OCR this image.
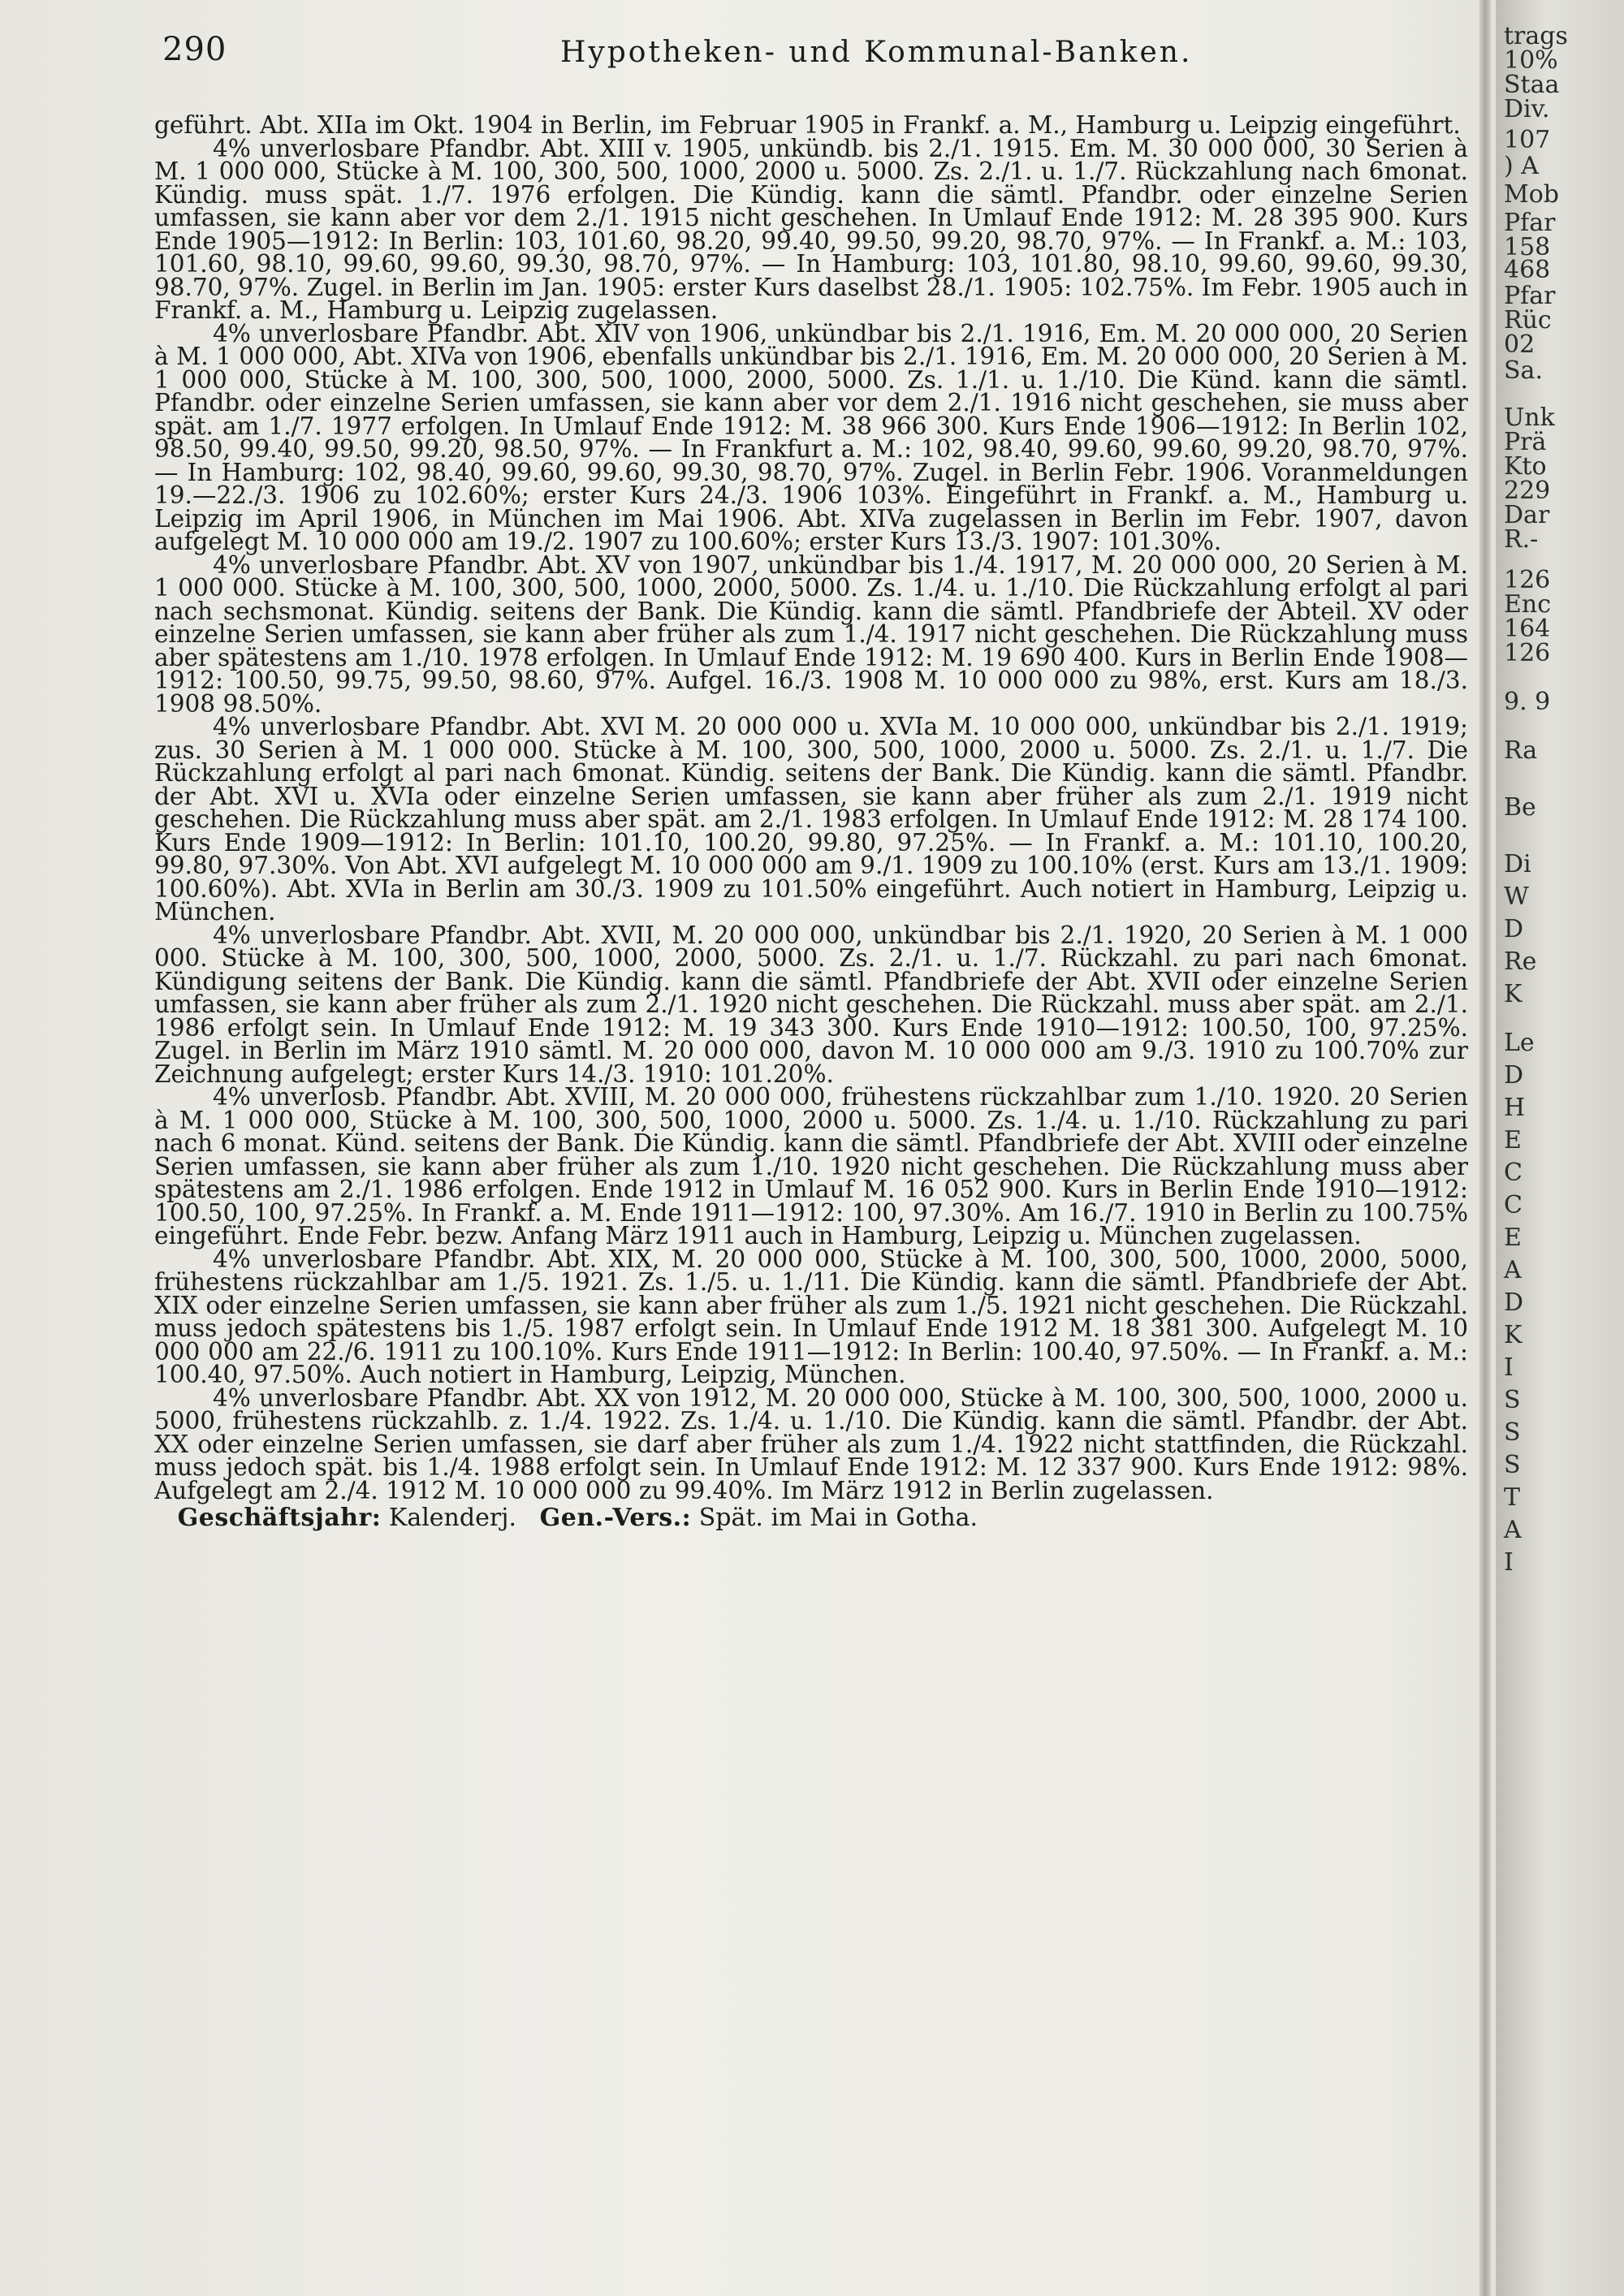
290	Hypotheken- und Kommunal-Banken.

geführt. Abt. XIIa im Okt. 1904 in Berlin, im Februar 1905 in Frankf. a. M., Hamburg u. Leipzig eingeführt.

4% unverlosbare Pfandbr. Abt. XIII v. 1905, unkündb. bis 2./1. 1915. Em. M. 30 000 000, 30 Serien à M. 1 000 000, Stücke à M. 100, 300, 500, 1000, 2000 u. 5000. Zs. 2./1. u. 1./7. Rückzahlung nach 6monat. Kündig. muss spät. 1./7. 1976 erfolgen. Die Kündig. kann die sämtl. Pfandbr. oder einzelne Serien umfassen, sie kann aber vor dem 2./1. 1915 nicht geschehen. In Umlauf Ende 1912: M. 28 395 900. Kurs Ende 1905—1912: In Berlin: 103, 101.60, 98.20, 99.40, 99.50, 99.20, 98.70, 97%. — In Frankf. a. M.: 103, 101.60, 98.10, 99.60, 99.60, 99.30, 98.70, 97%. — In Hamburg: 103, 101.80, 98.10, 99.60, 99.60, 99.30, 98.70, 97%. Zugel. in Berlin im Jan. 1905: erster Kurs daselbst 28./1. 1905: 102.75%. Im Febr. 1905 auch in Frankf. a. M., Hamburg u. Leipzig zugelassen.

4% unverlosbare Pfandbr. Abt. XIV von 1906, unkündbar bis 2./1. 1916, Em. M. 20 000 000, 20 Serien à M. 1 000 000, Abt. XIVa von 1906, ebenfalls unkündbar bis 2./1. 1916, Em. M. 20 000 000, 20 Serien à M. 1 000 000, Stücke à M. 100, 300, 500, 1000, 2000, 5000. Zs. 1./1. u. 1./10. Die Künd. kann die sämtl. Pfandbr. oder einzelne Serien umfassen, sie kann aber vor dem 2./1. 1916 nicht geschehen, sie muss aber spät. am 1./7. 1977 erfolgen. In Umlauf Ende 1912: M. 38 966 300. Kurs Ende 1906—1912: In Berlin 102, 98.50, 99.40, 99.50, 99.20, 98.50, 97%. — In Frankfurt a. M.: 102, 98.40, 99.60, 99.60, 99.20, 98.70, 97%. — In Hamburg: 102, 98.40, 99.60, 99.60, 99.30, 98.70, 97%. Zugel. in Berlin Febr. 1906. Voranmeldungen 19.—22./3. 1906 zu 102.60%; erster Kurs 24./3. 1906 103%. Eingeführt in Frankf. a. M., Hamburg u. Leipzig im April 1906, in München im Mai 1906. Abt. XIVa zugelassen in Berlin im Febr. 1907, davon aufgelegt M. 10 000 000 am 19./2. 1907 zu 100.60%; erster Kurs 13./3. 1907: 101.30%.

4% unverlosbare Pfandbr. Abt. XV von 1907, unkündbar bis 1./4. 1917, M. 20 000 000, 20 Serien à M. 1 000 000. Stücke à M. 100, 300, 500, 1000, 2000, 5000. Zs. 1./4. u. 1./10. Die Rückzahlung erfolgt al pari nach sechsmonat. Kündig. seitens der Bank. Die Kündig. kann die sämtl. Pfandbriefe der Abteil. XV oder einzelne Serien umfassen, sie kann aber früher als zum 1./4. 1917 nicht geschehen. Die Rückzahlung muss aber spätestens am 1./10. 1978 erfolgen. In Umlauf Ende 1912: M. 19 690 400. Kurs in Berlin Ende 1908—1912: 100.50, 99.75, 99.50, 98.60, 97%. Aufgel. 16./3. 1908 M. 10 000 000 zu 98%, erst. Kurs am 18./3. 1908 98.50%.

4% unverlosbare Pfandbr. Abt. XVI M. 20 000 000 u. XVIa M. 10 000 000, unkündbar bis 2./1. 1919; zus. 30 Serien à M. 1 000 000. Stücke à M. 100, 300, 500, 1000, 2000 u. 5000. Zs. 2./1. u. 1./7. Die Rückzahlung erfolgt al pari nach 6monat. Kündig. seitens der Bank. Die Kündig. kann die sämtl. Pfandbr. der Abt. XVI u. XVIa oder einzelne Serien umfassen, sie kann aber früher als zum 2./1. 1919 nicht geschehen. Die Rückzahlung muss aber spät. am 2./1. 1983 erfolgen. In Umlauf Ende 1912: M. 28 174 100. Kurs Ende 1909—1912: In Berlin: 101.10, 100.20, 99.80, 97.25%. — In Frankf. a. M.: 101.10, 100.20, 99.80, 97.30%. Von Abt. XVI aufgelegt M. 10 000 000 am 9./1. 1909 zu 100.10% (erst. Kurs am 13./1. 1909: 100.60%). Abt. XVIa in Berlin am 30./3. 1909 zu 101.50% eingeführt. Auch notiert in Hamburg, Leipzig u. München.

4% unverlosbare Pfandbr. Abt. XVII, M. 20 000 000, unkündbar bis 2./1. 1920, 20 Serien à M. 1 000 000. Stücke à M. 100, 300, 500, 1000, 2000, 5000. Zs. 2./1. u. 1./7. Rückzahl. zu pari nach 6monat. Kündigung seitens der Bank. Die Kündig. kann die sämtl. Pfandbriefe der Abt. XVII oder einzelne Serien umfassen, sie kann aber früher als zum 2./1. 1920 nicht geschehen. Die Rückzahl. muss aber spät. am 2./1. 1986 erfolgt sein. In Umlauf Ende 1912: M. 19 343 300. Kurs Ende 1910—1912: 100.50, 100, 97.25%. Zugel. in Berlin im März 1910 sämtl. M. 20 000 000, davon M. 10 000 000 am 9./3. 1910 zu 100.70% zur Zeichnung aufgelegt; erster Kurs 14./3. 1910: 101.20%.

4% unverlosb. Pfandbr. Abt. XVIII, M. 20 000 000, frühestens rückzahlbar zum 1./10. 1920. 20 Serien à M. 1 000 000, Stücke à M. 100, 300, 500, 1000, 2000 u. 5000. Zs. 1./4. u. 1./10. Rückzahlung zu pari nach 6 monat. Künd. seitens der Bank. Die Kündig. kann die sämtl. Pfandbriefe der Abt. XVIII oder einzelne Serien umfassen, sie kann aber früher als zum 1./10. 1920 nicht geschehen. Die Rückzahlung muss aber spätestens am 2./1. 1986 erfolgen. Ende 1912 in Umlauf M. 16 052 900. Kurs in Berlin Ende 1910—1912: 100.50, 100, 97.25%. In Frankf. a. M. Ende 1911—1912: 100, 97.30%. Am 16./7. 1910 in Berlin zu 100.75% eingeführt. Ende Febr. bezw. Anfang März 1911 auch in Hamburg, Leipzig u. München zugelassen.

4% unverlosbare Pfandbr. Abt. XIX, M. 20 000 000, Stücke à M. 100, 300, 500, 1000, 2000, 5000, frühestens rückzahlbar am 1./5. 1921. Zs. 1./5. u. 1./11. Die Kündig. kann die sämtl. Pfandbriefe der Abt. XIX oder einzelne Serien umfassen, sie kann aber früher als zum 1./5. 1921 nicht geschehen. Die Rückzahl. muss jedoch spätestens bis 1./5. 1987 erfolgt sein. In Umlauf Ende 1912 M. 18 381 300. Aufgelegt M. 10 000 000 am 22./6. 1911 zu 100.10%. Kurs Ende 1911—1912: In Berlin: 100.40, 97.50%. — In Frankf. a. M.: 100.40, 97.50%. Auch notiert in Hamburg, Leipzig, München.

4% unverlosbare Pfandbr. Abt. XX von 1912, M. 20 000 000, Stücke à M. 100, 300, 500, 1000, 2000 u. 5000, frühestens rückzahlb. z. 1./4. 1922. Zs. 1./4. u. 1./10. Die Kündig. kann die sämtl. Pfandbr. der Abt. XX oder einzelne Serien umfassen, sie darf aber früher als zum 1./4. 1922 nicht stattfinden, die Rückzahl. muss jedoch spät. bis 1./4. 1988 erfolgt sein. In Umlauf Ende 1912: M. 12 337 900. Kurs Ende 1912: 98%. Aufgelegt am 2./4. 1912 M. 10 000 000 zu 99.40%. Im März 1912 in Berlin zugelassen.

Geschäftsjahr: Kalenderj. Gen.-Vers.: Spät. im Mai in Gotha.
trags
10%
Staa
Div.
107
) A
Mob
Pfar
158
468
Pfar
Rüc
02
Sa.
Unk
Prä
Kto
229
Dar
R.-
126
Enc
164
126
9. 9
Ra
Be
Di
W
D
Re
K
Le
D
H
E
C
C
E
A
D
K
I
S
S
S
T
A
I
